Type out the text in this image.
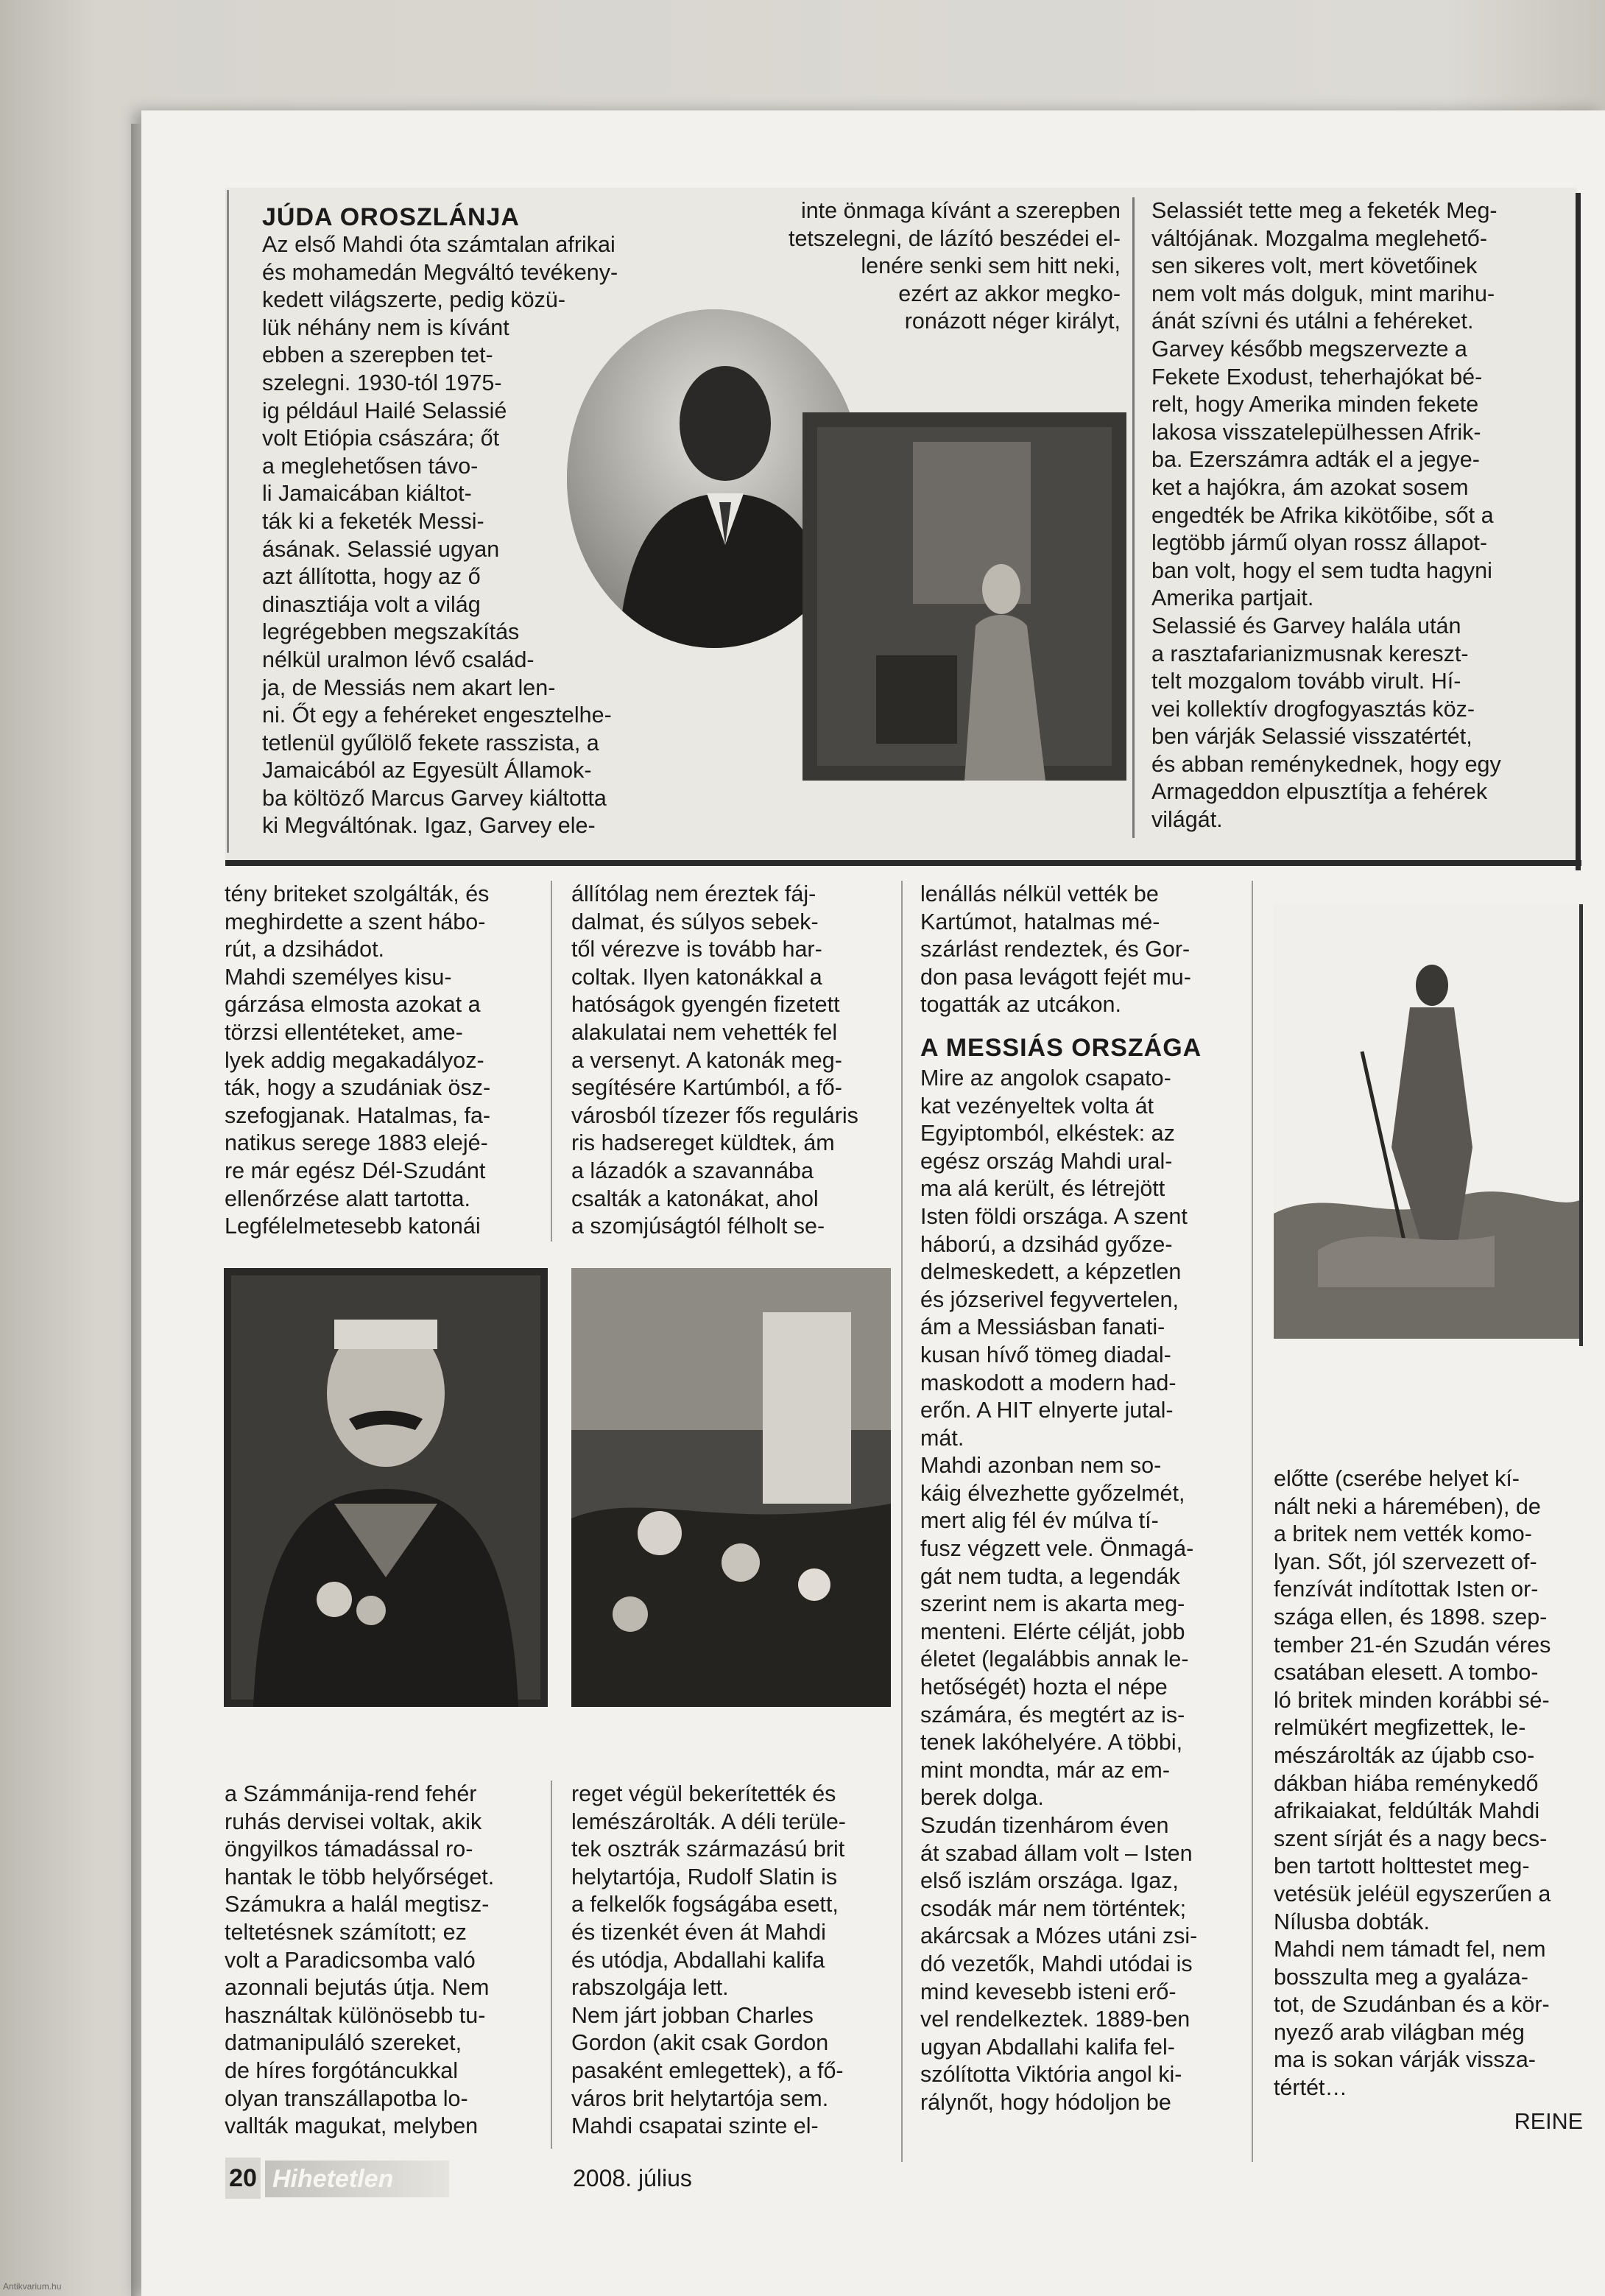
JÚDA OROSZLÁNJA

Az első Mahdi óta számtalan afrikai
és mohamedán Megváltó tevékeny-
kedett világszerte, pedig közü-
lük néhány nem is kívánt
ebben a szerepben tet-
szelegni. 1930-tól 1975-
ig például Hailé Selassié
volt Etiópia császára; őt
a meglehetősen távo-
li Jamaicában kiáltot-
ták ki a feketék Messi-
ásának. Selassié ugyan
azt állította, hogy az ő
dinasztiája volt a világ
legrégebben megszakítás
nélkül uralmon lévő család-
ja, de Messiás nem akart len-
ni. Őt egy a fehéreket engesztelhe-
tetlenül gyűlölő fekete rasszista, a
Jamaicából az Egyesült Államok-
ba költöző Marcus Garvey kiáltotta
ki Megváltónak. Igaz, Garvey ele-
inte önmaga kívánt a szerepben
tetszelegni, de lázító beszédei el-
lenére senki sem hitt neki,
ezért az akkor megko-
ronázott néger királyt,
Selassiét tette meg a feketék Meg-
váltójának. Mozgalma meglehető-
sen sikeres volt, mert követőinek
nem volt más dolguk, mint marihu-
ánát szívni és utálni a fehéreket.
Garvey később megszervezte a
Fekete Exodust, teherhajókat bé-
relt, hogy Amerika minden fekete
lakosa visszatelepülhessen Afrik-
ba. Ezerszámra adták el a jegye-
ket a hajókra, ám azokat sosem
engedték be Afrika kikötőibe, sőt a
legtöbb jármű olyan rossz állapot-
ban volt, hogy el sem tudta hagyni
Amerika partjait.
Selassié és Garvey halála után
a rasztafarianizmusnak kereszt-
telt mozgalom tovább virult. Hí-
vei kollektív drogfogyasztás köz-
ben várják Selassié visszatértét,
és abban reménykednek, hogy egy
Armageddon elpusztítja a fehérek
világát.
tény briteket szolgálták, és
meghirdette a szent hábo-
rút, a dzsihádot.
Mahdi személyes kisu-
gárzása elmosta azokat a
törzsi ellentéteket, ame-
lyek addig megakadályoz-
ták, hogy a szudániak ösz-
szefogjanak. Hatalmas, fa-
natikus serege 1883 elejé-
re már egész Dél-Szudánt
ellenőrzése alatt tartotta.
Legfélelmetesebb katonái
állítólag nem éreztek fáj-
dalmat, és súlyos sebek-
től vérezve is tovább har-
coltak. Ilyen katonákkal a
hatóságok gyengén fizetett
alakulatai nem vehették fel
a versenyt. A katonák meg-
segítésére Kartúmból, a fő-
városból tízezer fős reguláris
ris hadsereget küldtek, ám
a lázadók a szavannába
csalták a katonákat, ahol
a szomjúságtól félholt se-
a Számmánija-rend fehér
ruhás dervisei voltak, akik
öngyilkos támadással ro-
hantak le több helyőrséget.
Számukra a halál megtisz-
teltetésnek számított; ez
volt a Paradicsomba való
azonnali bejutás útja. Nem
használtak különösebb tu-
datmanipuláló szereket,
de híres forgótáncukkal
olyan transzállapotba lo-
vallták magukat, melyben
reget végül bekerítették és
lemészárolták. A déli terüle-
tek osztrák származású brit
helytartója, Rudolf Slatin is
a felkelők fogságába esett,
és tizenkét éven át Mahdi
és utódja, Abdallahi kalifa
rabszolgája lett.
Nem járt jobban Charles
Gordon (akit csak Gordon
pasaként emlegettek), a fő-
város brit helytartója sem.
Mahdi csapatai szinte el-
lenállás nélkül vették be
Kartúmot, hatalmas mé-
szárlást rendeztek, és Gor-
don pasa levágott fejét mu-
togatták az utcákon.

A MESSIÁS ORSZÁGA

Mire az angolok csapato-
kat vezényeltek volta át
Egyiptomból, elkéstek: az
egész ország Mahdi ural-
ma alá került, és létrejött
Isten földi országa. A szent
háború, a dzsihád győze-
delmeskedett, a képzetlen
és józserivel fegyvertelen,
ám a Messiásban fanati-
kusan hívő tömeg diadal-
maskodott a modern had-
erőn. A HIT elnyerte jutal-
mát.
Mahdi azonban nem so-
káig élvezhette győzelmét,
mert alig fél év múlva tí-
fusz végzett vele. Önmagá-
gát nem tudta, a legendák
szerint nem is akarta meg-
menteni. Elérte célját, jobb
életet (legalábbis annak le-
hetőségét) hozta el népe
számára, és megtért az is-
tenek lakóhelyére. A többi,
mint mondta, már az em-
berek dolga.
Szudán tizenhárom éven
át szabad állam volt – Isten
első iszlám országa. Igaz,
csodák már nem történtek;
akárcsak a Mózes utáni zsi-
dó vezetők, Mahdi utódai is
mind kevesebb isteni erő-
vel rendelkeztek. 1889-ben
ugyan Abdallahi kalifa fel-
szólította Viktória angol ki-
rálynőt, hogy hódoljon be
előtte (cserébe helyet kí-
nált neki a háremében), de
a britek nem vették komo-
lyan. Sőt, jól szervezett of-
fenzívát indítottak Isten or-
szága ellen, és 1898. szep-
tember 21-én Szudán véres
csatában elesett. A tombo-
ló britek minden korábbi sé-
relmükért megfizettek, le-
mészárolták az újabb cso-
dákban hiába reménykedő
afrikaiakat, feldúlták Mahdi
szent sírját és a nagy becs-
ben tartott holttestet meg-
vetésük jeléül egyszerűen a
Nílusba dobták.
Mahdi nem támadt fel, nem
bosszulta meg a gyaláza-
tot, de Szudánban és a kör-
nyező arab világban még
ma is sokan várják vissza-
tértét…
REINE
20 Hihetetlen	2008. július
Antikvarium.hu
